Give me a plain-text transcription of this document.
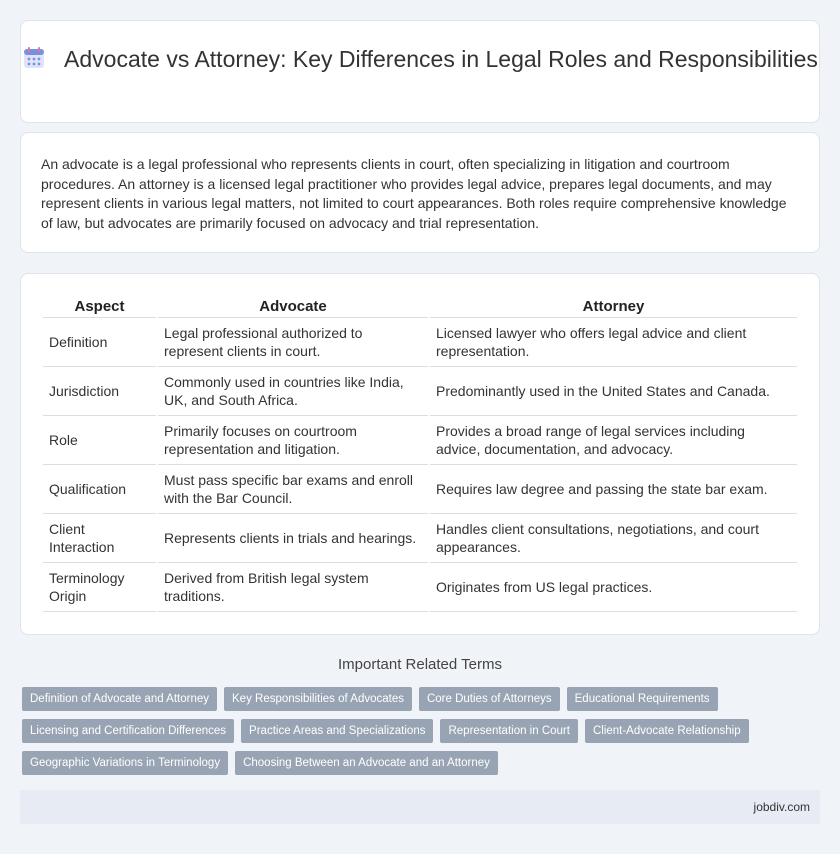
Advocate vs Attorney: Key Differences in Legal Roles and Responsibilities

An advocate is a legal professional who represents clients in court, often specializing in litigation and courtroom procedures. An attorney is a licensed legal practitioner who provides legal advice, prepares legal documents, and may represent clients in various legal matters, not limited to court appearances. Both roles require comprehensive knowledge of law, but advocates are primarily focused on advocacy and trial representation.

Aspect	Advocate	Attorney
Definition	Legal professional authorized to represent clients in court.	Licensed lawyer who offers legal advice and client representation.
Jurisdiction	Commonly used in countries like India, UK, and South Africa.	Predominantly used in the United States and Canada.
Role	Primarily focuses on courtroom representation and litigation.	Provides a broad range of legal services including advice, documentation, and advocacy.
Qualification	Must pass specific bar exams and enroll with the Bar Council.	Requires law degree and passing the state bar exam.
Client Interaction	Represents clients in trials and hearings.	Handles client consultations, negotiations, and court appearances.
Terminology Origin	Derived from British legal system traditions.	Originates from US legal practices.
Important Related Terms
Definition of Advocate and Attorney	Key Responsibilities of Advocates	Core Duties of Attorneys	Educational Requirements
Licensing and Certification Differences	Practice Areas and Specializations	Representation in Court	Client-Advocate Relationship
Geographic Variations in Terminology	Choosing Between an Advocate and an Attorney
jobdiv.com
